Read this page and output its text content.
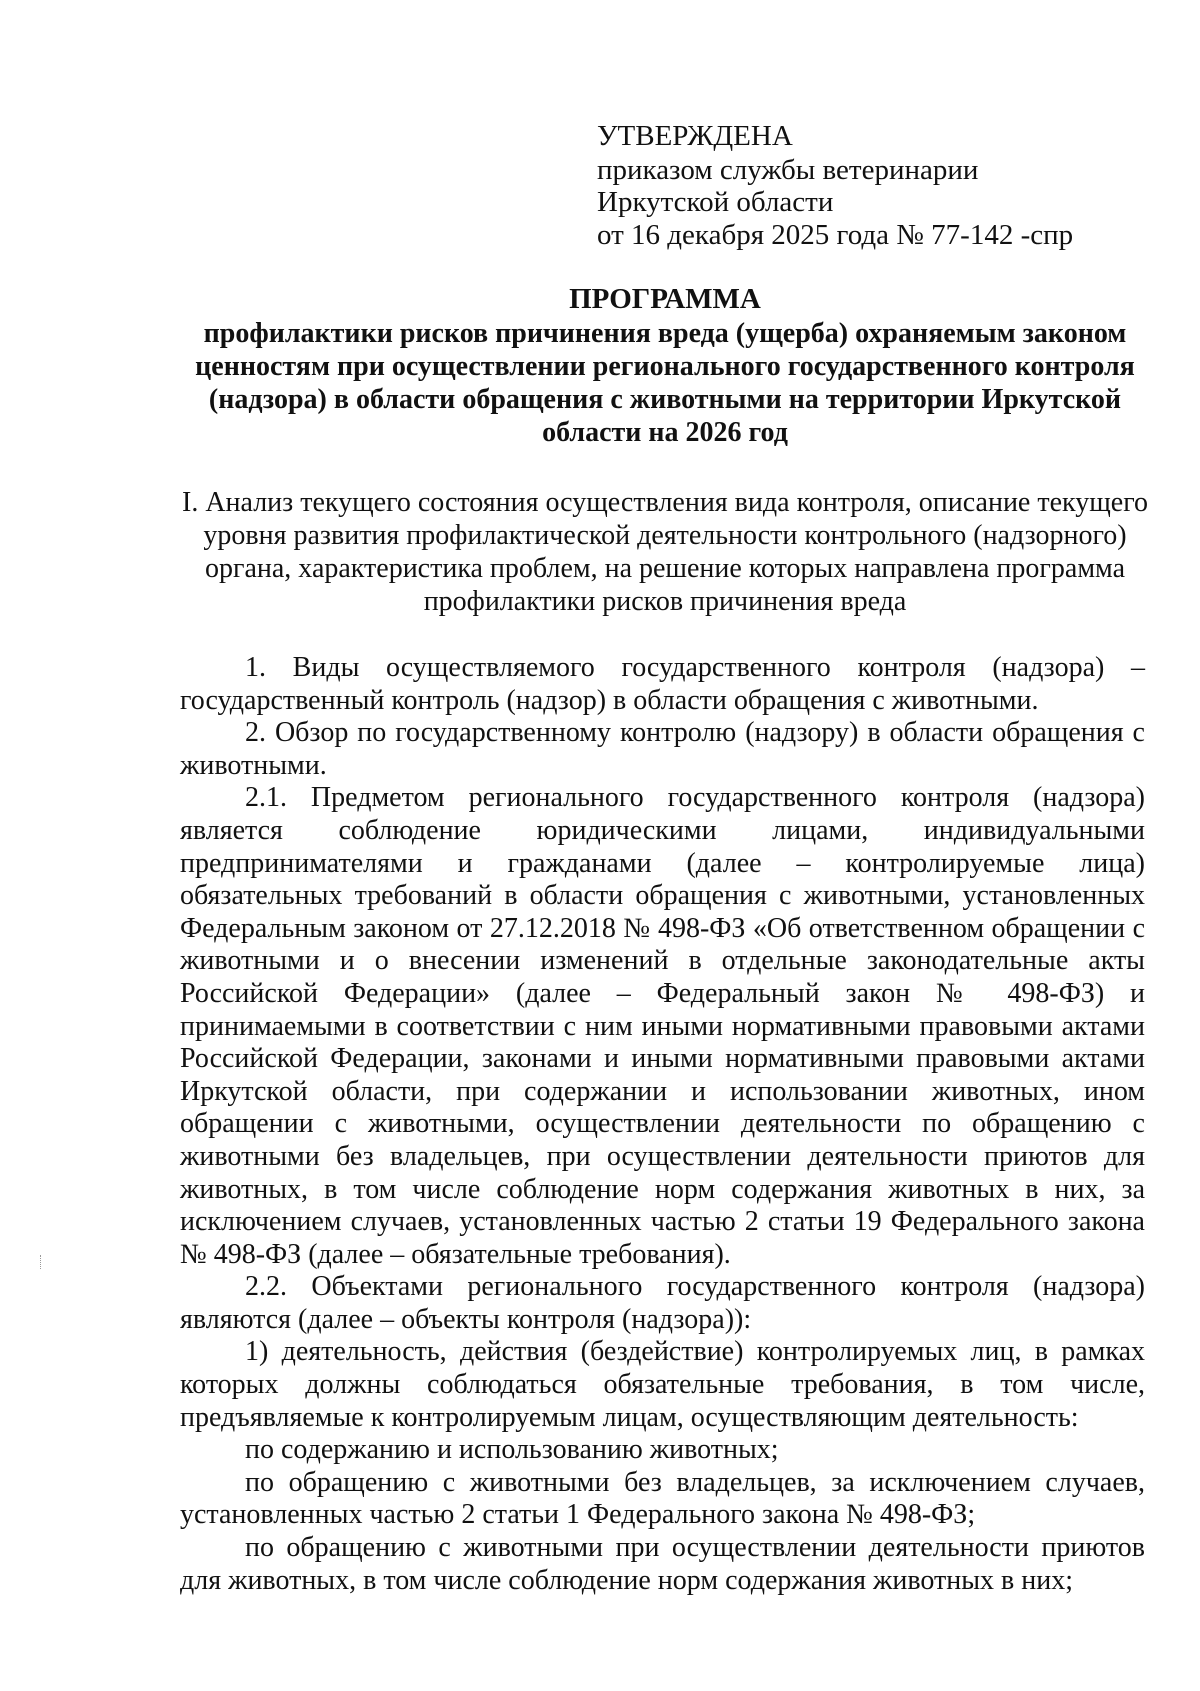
УТВЕРЖДЕНА
приказом службы ветеринарии Иркутской области
от 16 декабря 2025 года № 77-142 -спр
ПРОГРАММА
профилактики рисков причинения вреда (ущерба) охраняемым законом ценностям при осуществлении регионального государственного контроля (надзора) в области обращения с животными на территории Иркутской области на 2026 год
I. Анализ текущего состояния осуществления вида контроля, описание текущего уровня развития профилактической деятельности контрольного (надзорного) органа, характеристика проблем, на решение которых направлена программа профилактики рисков причинения вреда

1. Виды осуществляемого государственного контроля (надзора) – государственный контроль (надзор) в области обращения с животными.

2. Обзор по государственному контролю (надзору) в области обращения с животными.

2.1. Предметом регионального государственного контроля (надзора) является соблюдение юридическими лицами, индивидуальными предпринимателями и гражданами (далее – контролируемые лица) обязательных требований в области обращения с животными, установленных Федеральным законом от 27.12.2018 № 498-ФЗ «Об ответственном обращении с животными и о внесении изменений в отдельные законодательные акты Российской Федерации» (далее – Федеральный закон № 498-ФЗ) и принимаемыми в соответствии с ним иными нормативными правовыми актами Российской Федерации, законами и иными нормативными правовыми актами Иркутской области, при содержании и использовании животных, ином обращении с животными, осуществлении деятельности по обращению с животными без владельцев, при осуществлении деятельности приютов для животных, в том числе соблюдение норм содержания животных в них, за исключением случаев, установленных частью 2 статьи 19 Федерального закона № 498-ФЗ (далее – обязательные требования).

2.2. Объектами регионального государственного контроля (надзора) являются (далее – объекты контроля (надзора)):

1) деятельность, действия (бездействие) контролируемых лиц, в рамках которых должны соблюдаться обязательные требования, в том числе, предъявляемые к контролируемым лицам, осуществляющим деятельность:

по содержанию и использованию животных;

по обращению с животными без владельцев, за исключением случаев, установленных частью 2 статьи 1 Федерального закона № 498-ФЗ;

по обращению с животными при осуществлении деятельности приютов для животных, в том числе соблюдение норм содержания животных в них;
